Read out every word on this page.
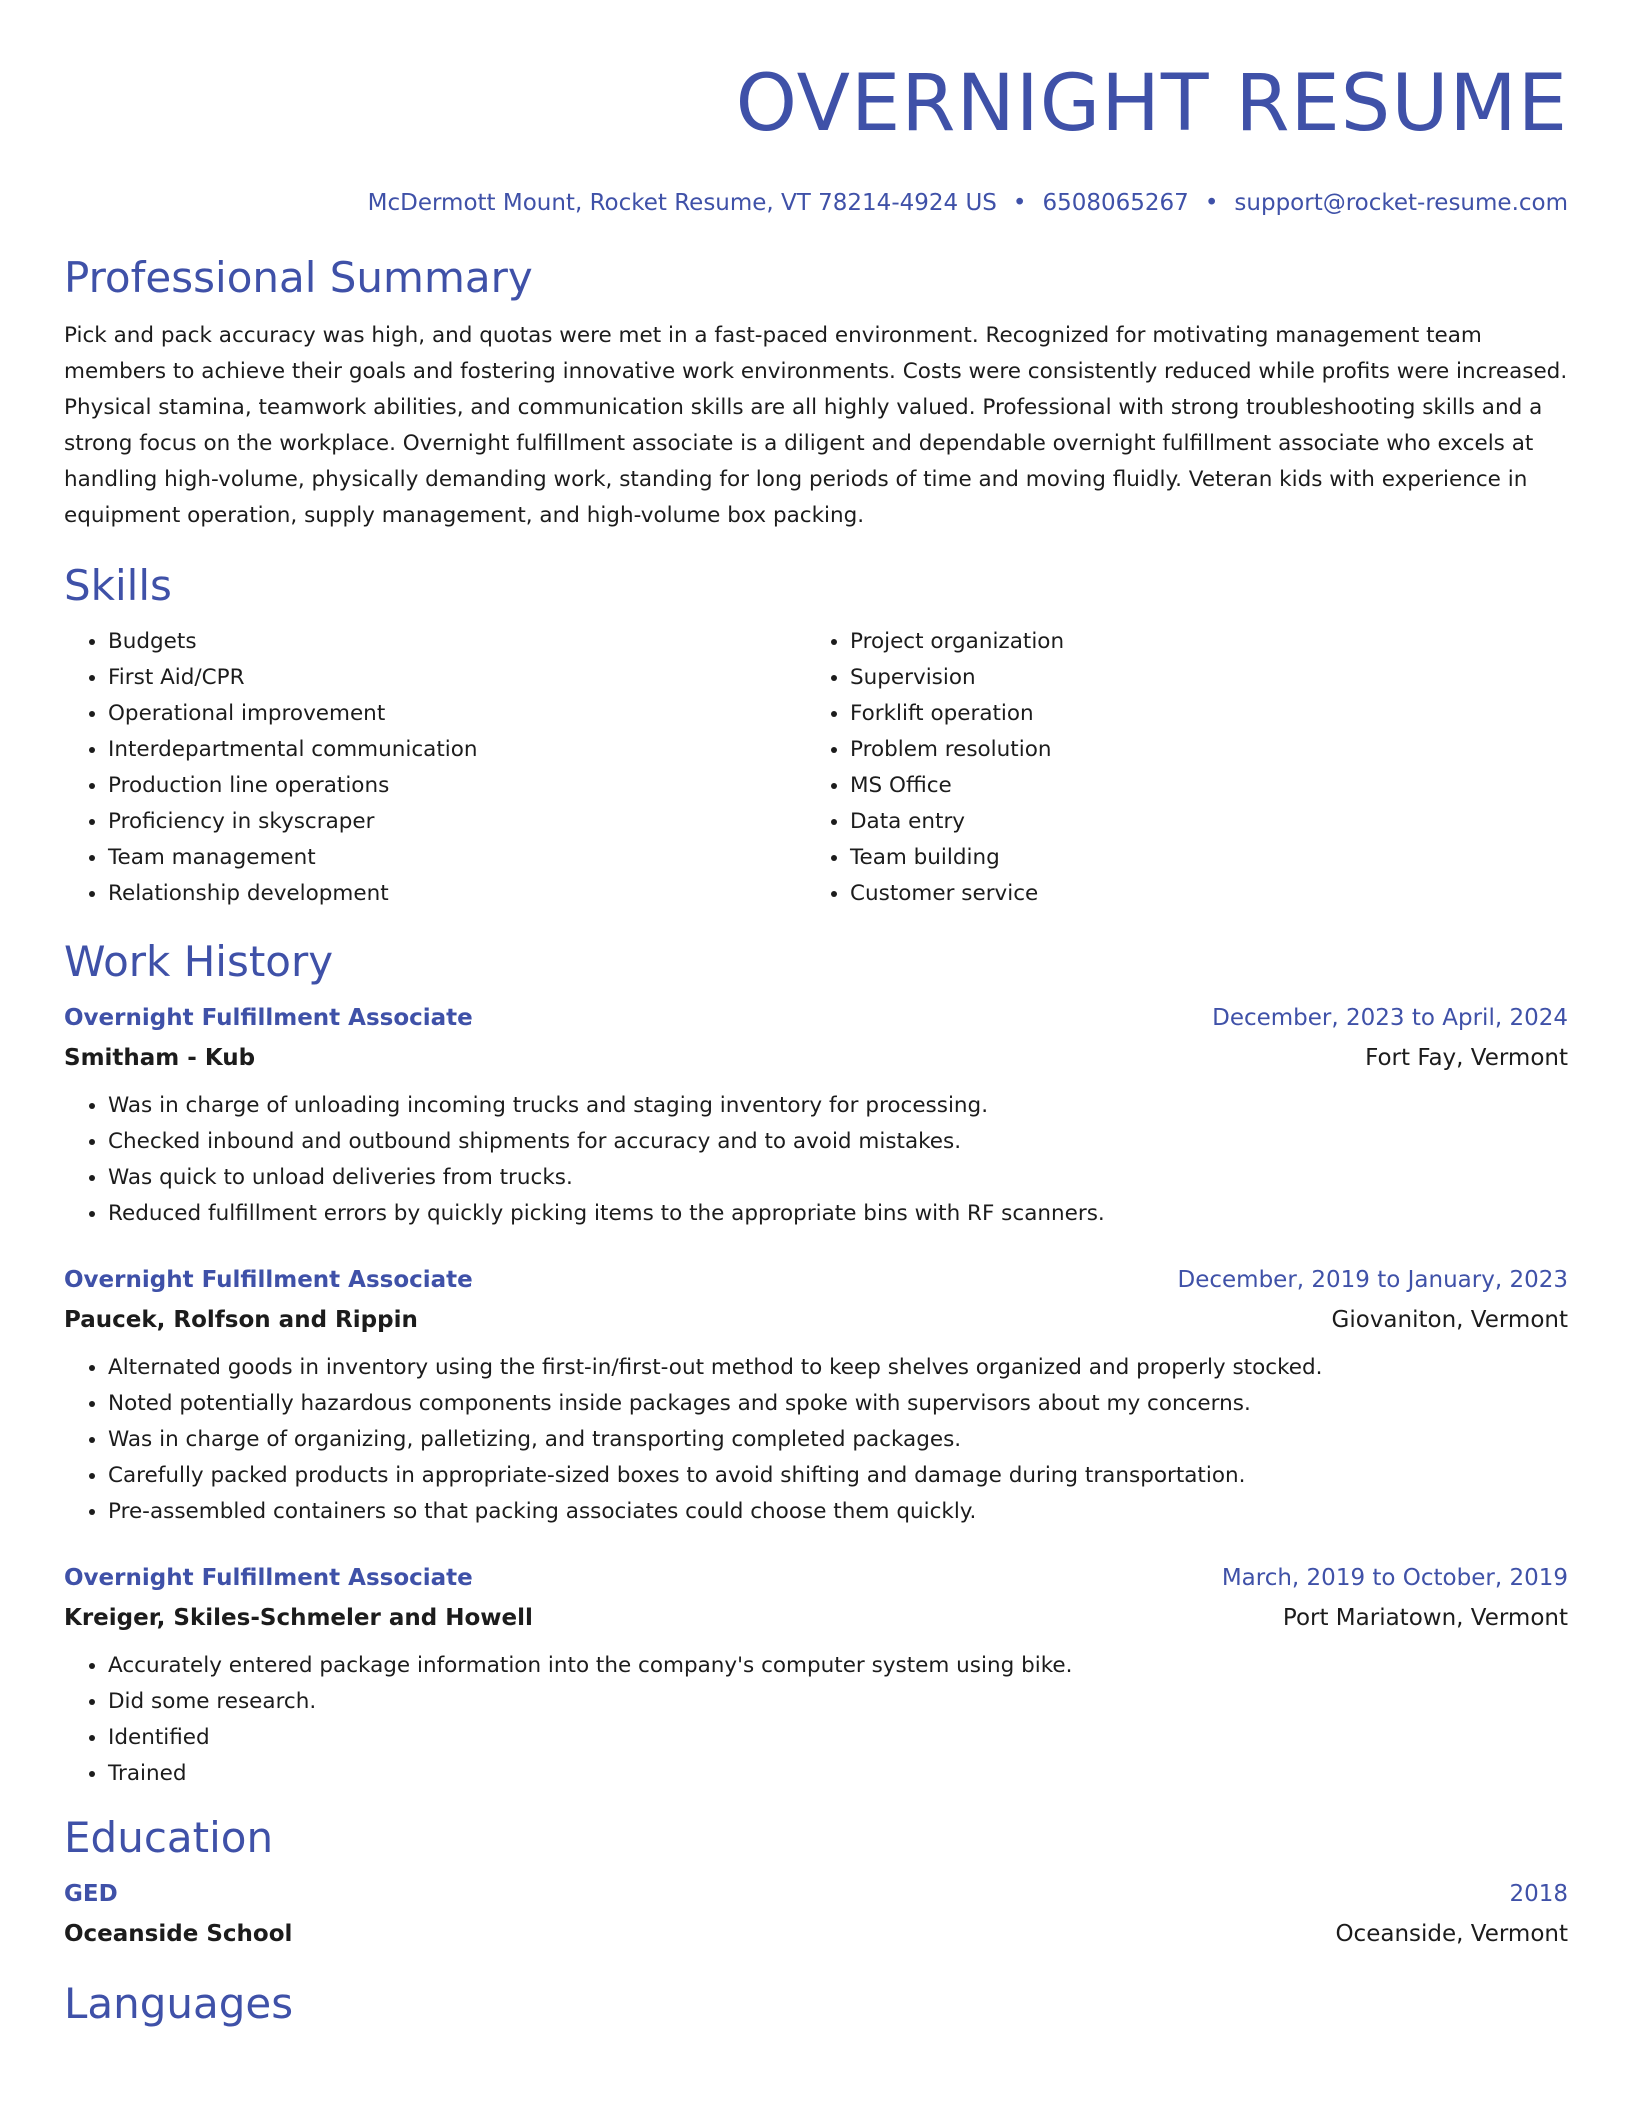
OVERNIGHT RESUME
McDermott Mount, Rocket Resume, VT 78214-4924 US • 6508065267 • support@rocket-resume.com
Professional Summary
Pick and pack accuracy was high, and quotas were met in a fast-paced environment. Recognized for motivating management team members to achieve their goals and fostering innovative work environments. Costs were consistently reduced while profits were increased. Physical stamina, teamwork abilities, and communication skills are all highly valued. Professional with strong troubleshooting skills and a strong focus on the workplace. Overnight fulfillment associate is a diligent and dependable overnight fulfillment associate who excels at handling high-volume, physically demanding work, standing for long periods of time and moving fluidly. Veteran kids with experience in equipment operation, supply management, and high-volume box packing.
Skills
• Budgets
• First Aid/CPR
• Operational improvement
• Interdepartmental communication
• Production line operations
• Proficiency in skyscraper
• Team management
• Relationship development
• Project organization
• Supervision
• Forklift operation
• Problem resolution
• MS Office
• Data entry
• Team building
• Customer service
Work History
Overnight Fulfillment Associate	December, 2023 to April, 2024
Smitham - Kub	Fort Fay, Vermont
• Was in charge of unloading incoming trucks and staging inventory for processing.
• Checked inbound and outbound shipments for accuracy and to avoid mistakes.
• Was quick to unload deliveries from trucks.
• Reduced fulfillment errors by quickly picking items to the appropriate bins with RF scanners.
Overnight Fulfillment Associate	December, 2019 to January, 2023
Paucek, Rolfson and Rippin	Giovaniton, Vermont
• Alternated goods in inventory using the first-in/first-out method to keep shelves organized and properly stocked.
• Noted potentially hazardous components inside packages and spoke with supervisors about my concerns.
• Was in charge of organizing, palletizing, and transporting completed packages.
• Carefully packed products in appropriate-sized boxes to avoid shifting and damage during transportation.
• Pre-assembled containers so that packing associates could choose them quickly.
Overnight Fulfillment Associate	March, 2019 to October, 2019
Kreiger, Skiles-Schmeler and Howell	Port Mariatown, Vermont
• Accurately entered package information into the company's computer system using bike.
• Did some research.
• Identified
• Trained
Education
GED	2018
Oceanside School	Oceanside, Vermont
Languages
